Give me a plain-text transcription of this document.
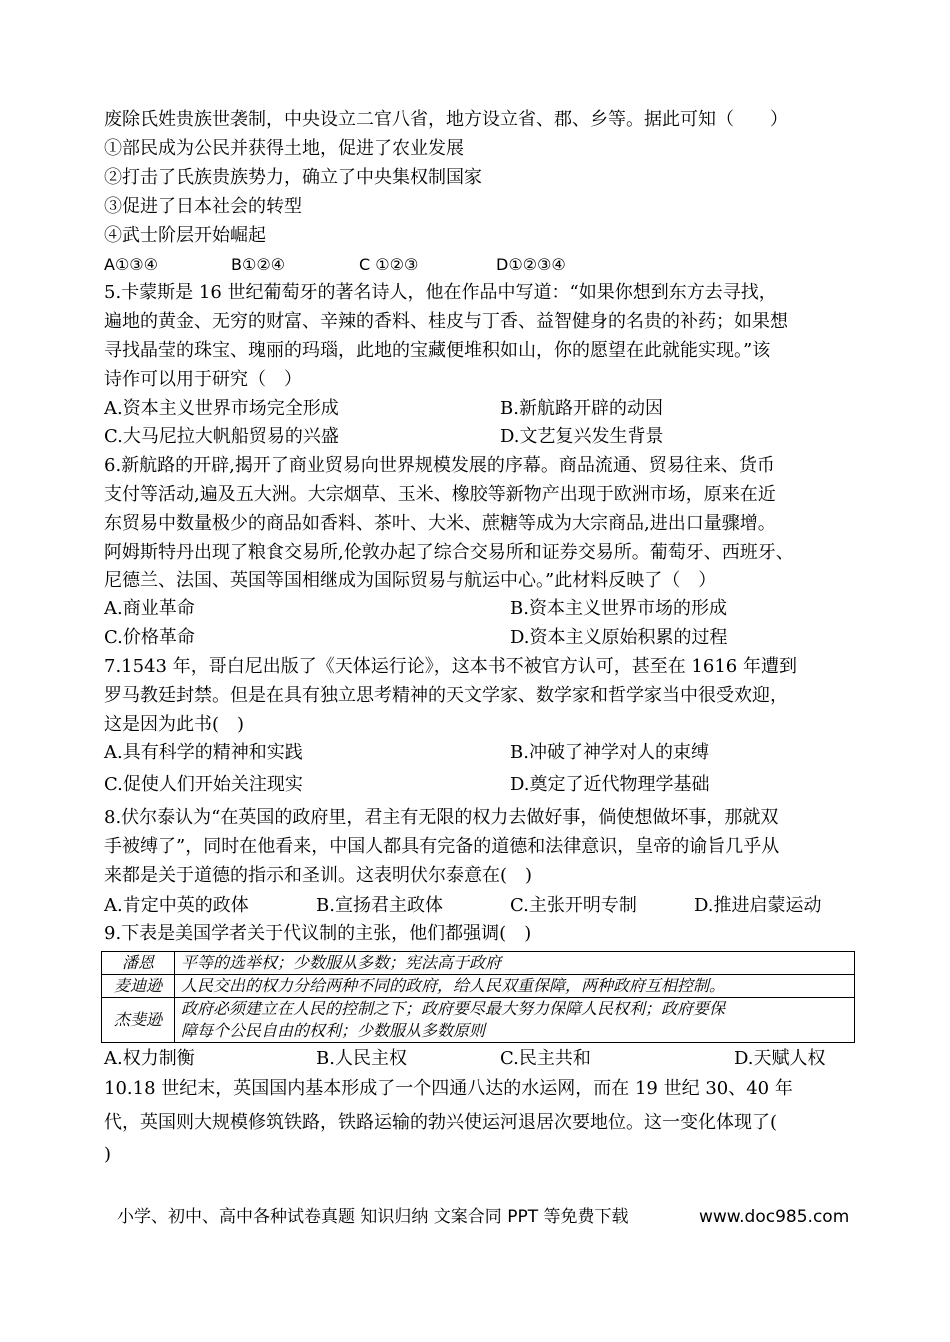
废除氏姓贵族世袭制，中央设立二官八省，地方设立省、郡、乡等。据此可知（　　）
①部民成为公民并获得土地，促进了农业发展
②打击了氏族贵族势力，确立了中央集权制国家
③促进了日本社会的转型
④武士阶层开始崛起
A①③④	B①②④	C ①②③	D①②③④
5.卡蒙斯是 16 世纪葡萄牙的著名诗人，他在作品中写道：“如果你想到东方去寻找，
遍地的黄金、无穷的财富、辛辣的香料、桂皮与丁香、益智健身的名贵的补药；如果想
寻找晶莹的珠宝、瑰丽的玛瑙，此地的宝藏便堆积如山，你的愿望在此就能实现。”该
诗作可以用于研究（　）
A.资本主义世界市场完全形成	B.新航路开辟的动因
C.大马尼拉大帆船贸易的兴盛	D.文艺复兴发生背景
6.新航路的开辟,揭开了商业贸易向世界规模发展的序幕。商品流通、贸易往来、货币
支付等活动,遍及五大洲。大宗烟草、玉米、橡胶等新物产出现于欧洲市场，原来在近
东贸易中数量极少的商品如香料、茶叶、大米、蔗糖等成为大宗商品,进出口量骤增。
阿姆斯特丹出现了粮食交易所,伦敦办起了综合交易所和证券交易所。葡萄牙、西班牙、
尼德兰、法国、英国等国相继成为国际贸易与航运中心。”此材料反映了（　）
A.商业革命	B.资本主义世界市场的形成
C.价格革命	D.资本主义原始积累的过程
7.1543 年，哥白尼出版了《天体运行论》，这本书不被官方认可，甚至在 1616 年遭到
罗马教廷封禁。但是在具有独立思考精神的天文学家、数学家和哲学家当中很受欢迎，
这是因为此书(　)
A.具有科学的精神和实践	B.冲破了神学对人的束缚
C.促使人们开始关注现实	D.奠定了近代物理学基础
8.伏尔泰认为“在英国的政府里，君主有无限的权力去做好事，倘使想做坏事，那就双
手被缚了”，同时在他看来，中国人都具有完备的道德和法律意识，皇帝的谕旨几乎从
来都是关于道德的指示和圣训。这表明伏尔泰意在(　)
A.肯定中英的政体	B.宣扬君主政体	C.主张开明专制	D.推进启蒙运动
9.下表是美国学者关于代议制的主张，他们都强调(　)
潘恩	平等的选举权；少数服从多数；宪法高于政府
麦迪逊	人民交出的权力分给两种不同的政府，给人民双重保障，两种政府互相控制。
杰斐逊	政府必须建立在人民的控制之下；政府要尽最大努力保障人民权利；政府要保
障每个公民自由的权利；少数服从多数原则
A.权力制衡	B.人民主权	C.民主共和	D.天赋人权
10.18 世纪末，英国国内基本形成了一个四通八达的水运网，而在 19 世纪 30、40 年
代，英国则大规模修筑铁路，铁路运输的勃兴使运河退居次要地位。这一变化体现了(
)
小学、初中、高中各种试卷真题 知识归纳 文案合同 PPT 等免费下载	www.doc985.com
